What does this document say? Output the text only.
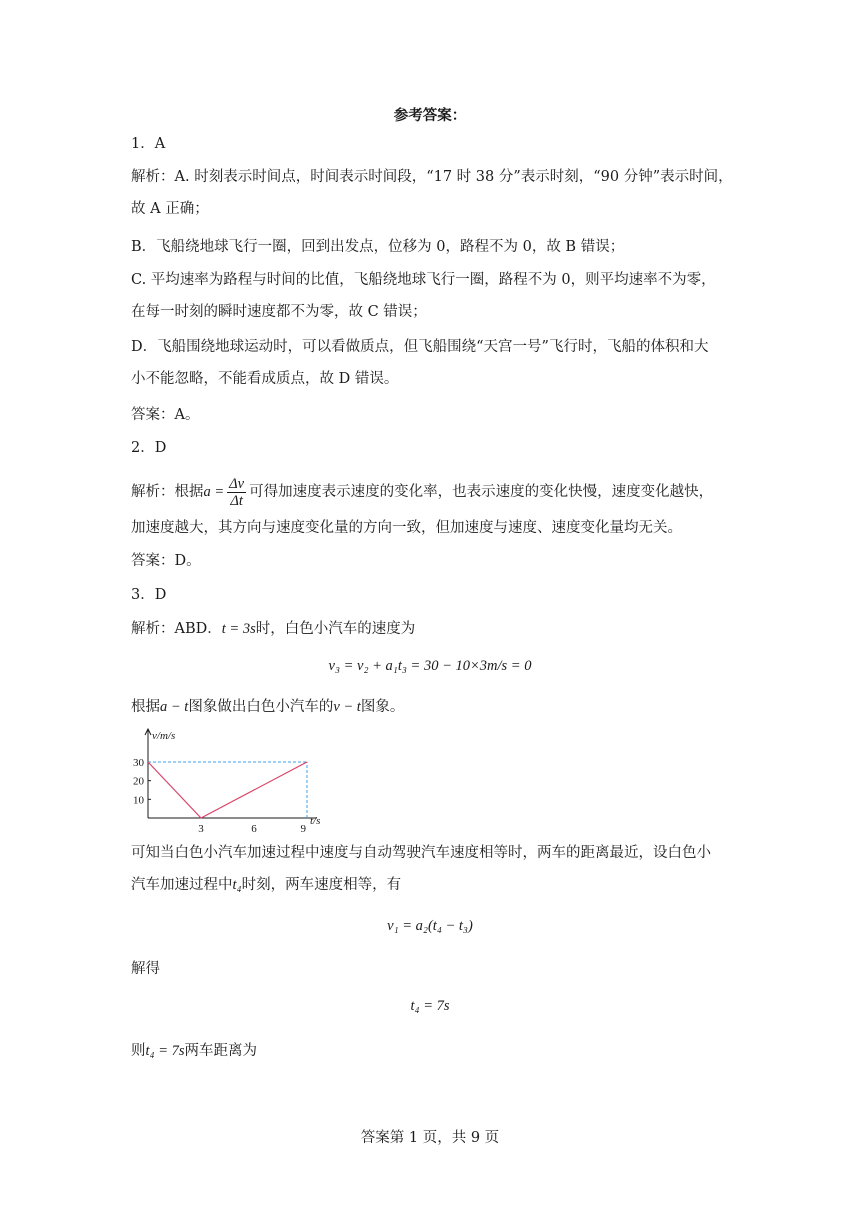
参考答案：
1．A
解析：A. 时刻表示时间点，时间表示时间段，“17 时 38 分”表示时刻，“90 分钟”表示时间，
故 A 正确；
B．飞船绕地球飞行一圈，回到出发点，位移为 0，路程不为 0，故 B 错误；
C. 平均速率为路程与时间的比值，飞船绕地球飞行一圈，路程不为 0，则平均速率不为零，
在每一时刻的瞬时速度都不为零，故 C 错误；
D．飞船围绕地球运动时，可以看做质点，但飞船围绕“天宫一号”飞行时，飞船的体积和大
小不能忽略，不能看成质点，故 D 错误。
答案：A。
2．D
解析：根据$a = \frac{\Delta v}{\Delta t}$ 可得加速度表示速度的变化率，也表示速度的变化快慢，速度变化越快，
加速度越大，其方向与速度变化量的方向一致，但加速度与速度、速度变化量均无关。
答案：D。
3．D
解析：ABD．t = 3s时，白色小汽车的速度为
v₃ = v₂ + a₁t₃ = 30 − 10×3m/s = 0
根据a − t图象做出白色小汽车的v − t图象。
v/m/s
t/s
10
20
30
3	6	9
可知当白色小汽车加速过程中速度与自动驾驶汽车速度相等时，两车的距离最近，设白色小
汽车加速过程中t₄时刻，两车速度相等，有
v₁ = a₂(t₄ − t₃)
解得
t₄ = 7s
则t₄ = 7s两车距离为
答案第 1 页，共 9 页
